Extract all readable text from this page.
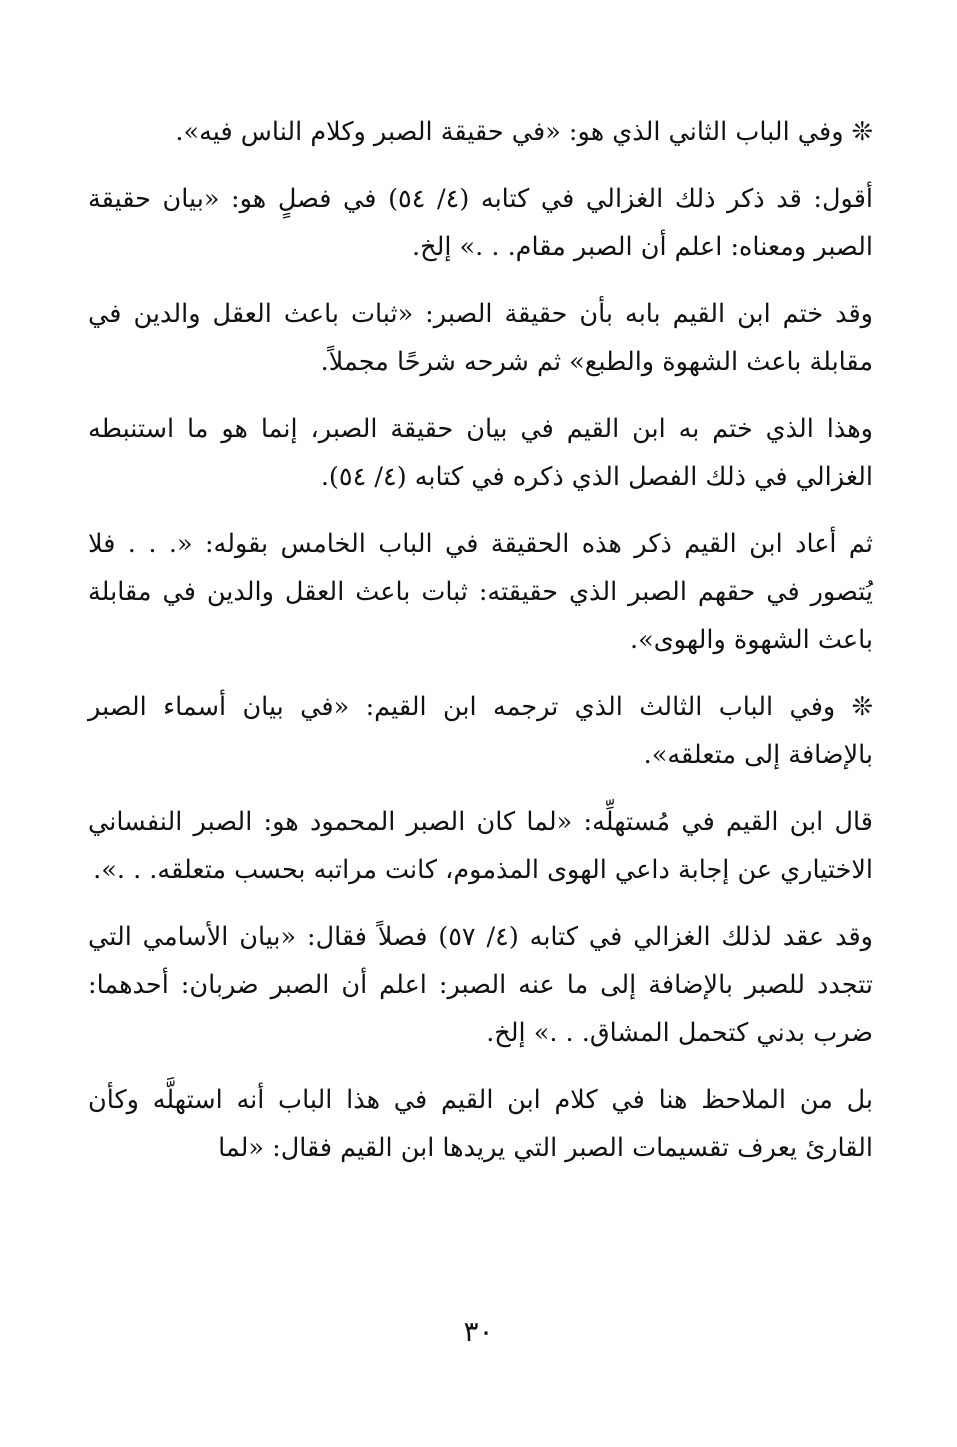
❊ وفي الباب الثاني الذي هو: «في حقيقة الصبر وكلام الناس فيه».

أقول: قد ذكر ذلك الغزالي في كتابه (٤/ ٥٤) في فصلٍ هو: «بيان حقيقة الصبر ومعناه: اعلم أن الصبر مقام. . .» إلخ.

وقد ختم ابن القيم بابه بأن حقيقة الصبر: «ثبات باعث العقل والدين في مقابلة باعث الشهوة والطبع» ثم شرحه شرحًا مجملاً.

وهذا الذي ختم به ابن القيم في بيان حقيقة الصبر، إنما هو ما استنبطه الغزالي في ذلك الفصل الذي ذكره في كتابه (٤/ ٥٤).

ثم أعاد ابن القيم ذكر هذه الحقيقة في الباب الخامس بقوله: «. . . فلا يُتصور في حقهم الصبر الذي حقيقته: ثبات باعث العقل والدين في مقابلة باعث الشهوة والهوى».

❊ وفي الباب الثالث الذي ترجمه ابن القيم: «في بيان أسماء الصبر بالإضافة إلى متعلقه».

قال ابن القيم في مُستهلِّه: «لما كان الصبر المحمود هو: الصبر النفساني الاختياري عن إجابة داعي الهوى المذموم، كانت مراتبه بحسب متعلقه. . .».

وقد عقد لذلك الغزالي في كتابه (٤/ ٥٧) فصلاً فقال: «بيان الأسامي التي تتجدد للصبر بالإضافة إلى ما عنه الصبر: اعلم أن الصبر ضربان: أحدهما: ضرب بدني كتحمل المشاق. . .» إلخ.

بل من الملاحظ هنا في كلام ابن القيم في هذا الباب أنه استهلَّه وكأن القارئ يعرف تقسيمات الصبر التي يريدها ابن القيم فقال: «لما

٣٠
